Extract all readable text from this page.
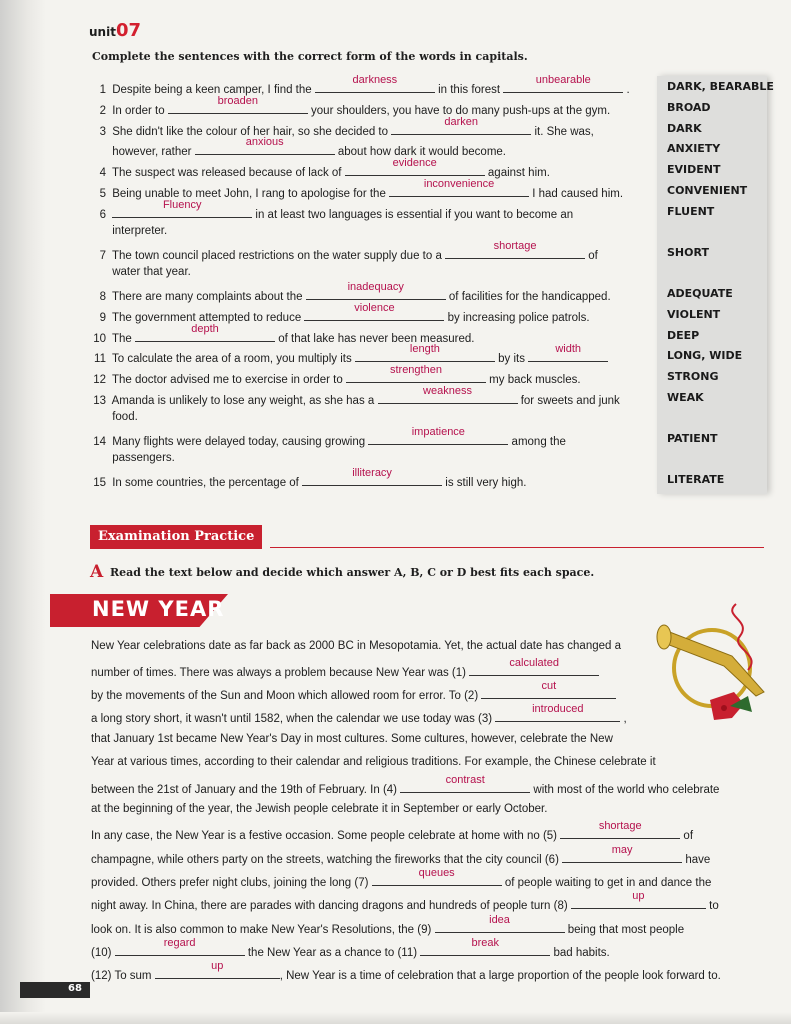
unit07
Complete the sentences with the correct form of the words in capitals.
1 Despite being a keen camper, I find the
darkness
in this forest
unbearable
.	DARK, BEARABLE
2 In order to
broaden
your shoulders, you have to do many push-ups at the gym.	BROAD
3 She didn't like the colour of her hair, so she decided to
darken
it. She was,	DARK
however, rather
anxious
about how dark it would become.	ANXIETY
4 The suspect was released because of lack of
evidence
against him.	EVIDENT
5 Being unable to meet John, I rang to apologise for the
inconvenience
I had caused him.	CONVENIENT
6
Fluency
in at least two languages is essential if you want to become an	FLUENT
interpreter.
7 The town council placed restrictions on the water supply due to a
shortage
of	SHORT
water that year.
8 There are many complaints about the
inadequacy
of facilities for the handicapped.	ADEQUATE
9 The government attempted to reduce
violence
by increasing police patrols.	VIOLENT
10 The
depth
of that lake has never been measured.	DEEP
11 To calculate the area of a room, you multiply its
length
by its
width	LONG, WIDE
12 The doctor advised me to exercise in order to
strengthen
my back muscles.	STRONG
13 Amanda is unlikely to lose any weight, as she has a
weakness
for sweets and junk	WEAK
food.
14 Many flights were delayed today, causing growing
impatience
among the	PATIENT
passengers.
15 In some countries, the percentage of
illiteracy
is still very high.	LITERATE
Examination Practice
A Read the text below and decide which answer A, B, C or D best fits each space.
NEW YEAR
New Year celebrations date as far back as 2000 BC in Mesopotamia. Yet, the actual date has changed a
number of times. There was always a problem because New Year was (1)
calculated
by the movements of the Sun and Moon which allowed room for error. To (2)
cut
a long story short, it wasn't until 1582, when the calendar we use today was (3)
introduced
,
that January 1st became New Year's Day in most cultures. Some cultures, however, celebrate the New
Year at various times, according to their calendar and religious traditions. For example, the Chinese celebrate it
between the 21st of January and the 19th of February. In (4)
contrast
with most of the world who celebrate
at the beginning of the year, the Jewish people celebrate it in September or early October.
In any case, the New Year is a festive occasion. Some people celebrate at home with no (5)
shortage
of
champagne, while others party on the streets, watching the fireworks that the city council (6)
may
have
provided. Others prefer night clubs, joining the long (7)
queues
of people waiting to get in and dance the
night away. In China, there are parades with dancing dragons and hundreds of people turn (8)
up
to
look on. It is also common to make New Year's Resolutions, the (9)
idea
being that most people
(10)
regard
the New Year as a chance to (11)
break
bad habits.
(12) To sum
up
, New Year is a time of celebration that a large proportion of the people look forward to.
68
